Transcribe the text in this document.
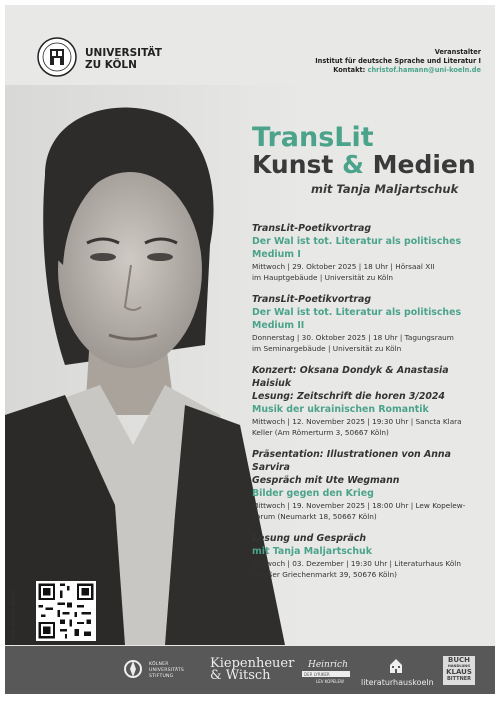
UNIVERSITÄT
ZU KÖLN
Veranstalter
Institut für deutsche Sprache und Literatur I
Kontakt: christof.hamann@uni-koeln.de
TransLit
Kunst & Medien
mit Tanja Maljartschuk
TransLit-Poetikvortrag
Der Wal ist tot. Literatur als politisches
Medium I
Mittwoch | 29. Oktober 2025 | 18 Uhr | Hörsaal XII
im Hauptgebäude | Universität zu Köln
TransLit-Poetikvortrag
Der Wal ist tot. Literatur als politisches
Medium II
Donnerstag | 30. Oktober 2025 | 18 Uhr | Tagungsraum
im Seminargebäude | Universität zu Köln
Konzert: Oksana Dondyk & Anastasia Haisiuk
Lesung: Zeitschrift die horen 3/2024
Musik der ukrainischen Romantik
Mittwoch | 12. November 2025 | 19:30 Uhr | Sancta Klara
Keller (Am Römerturm 3, 50667 Köln)
Präsentation: Illustrationen von Anna Sarvira
Gespräch mit Ute Wegmann
Bilder gegen den Krieg
Mittwoch | 19. November 2025 | 18:00 Uhr | Lew Kopelew-
Forum (Neumarkt 18, 50667 Köln)
Lesung und Gespräch
mit Tanja Maljartschuk
Mittwoch | 03. Dezember | 19:30 Uhr | Literaturhaus Köln
(Großer Griechenmarkt 39, 50676 Köln)
©Foto: George Eberle
KÖLNER
UNIVERSITÄTS
STIFTUNG
Kiepenheuer
& Witsch
Heinrich
DER LYRIKER
LEV KOPELEW literaturhauskoeln
BUCH
HANDLUNG
KLAUS
BITTNER
